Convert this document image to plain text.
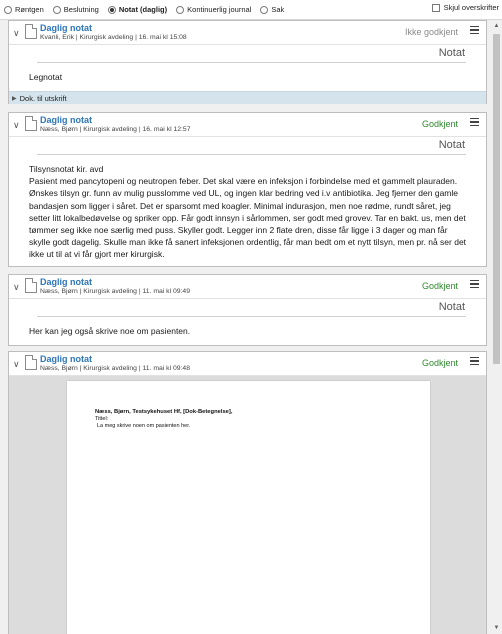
Røntgen	Beslutning	Notat (daglig)	Kontinuerlig journal	Sak	Skjul overskrifter
▲
▼
∨ Daglig notat
Kvanli, Erik | Kirurgisk avdeling | 16. mai kl 15:08
Ikke godkjent
Notat

Legnotat

▶ Dok. til utskrift
∨ Daglig notat
Næss, Bjørn | Kirurgisk avdeling | 16. mai kl 12:57
Godkjent
Notat

Tilsynsnotat kir. avd

Pasient med pancytopeni og neutropen feber. Det skal være en infeksjon i forbindelse med et gammelt plauraden. Ønskes tilsyn gr. funn av mulig pusslomme ved UL, og ingen klar bedring ved i.v antibiotika. Jeg fjerner den gamle bandasjen som ligger i såret. Det er sparsomt med koagler. Minimal indurasjon, men noe rødme, rundt såret, jeg setter litt lokalbedøvelse og spriker opp. Får godt innsyn i sårlommen, ser godt med grovev. Tar en bakt. us, men det tømmer seg ikke noe særlig med puss. Skyller godt. Legger inn 2 flate dren, disse får ligge i 3 dager og man får skylle godt dagelig. Skulle man ikke få sanert infeksjonen ordentlig, får man bedt om et nytt tilsyn, men pr. nå ser det ikke ut til at vi får gjort mer kirurgisk.

∨ Daglig notat
Næss, Bjørn | Kirurgisk avdeling | 11. mai kl 09:49
Godkjent
Notat

Her kan jeg også skrive noe om pasienten.

∨ Daglig notat
Næss, Bjørn | Kirurgisk avdeling | 11. mai kl 09:48
Godkjent
Næss, Bjørn, Testsykehuset Hf, [Dok-Betegnelse],
Tittel:
La meg skrive noen om pasienten her.
